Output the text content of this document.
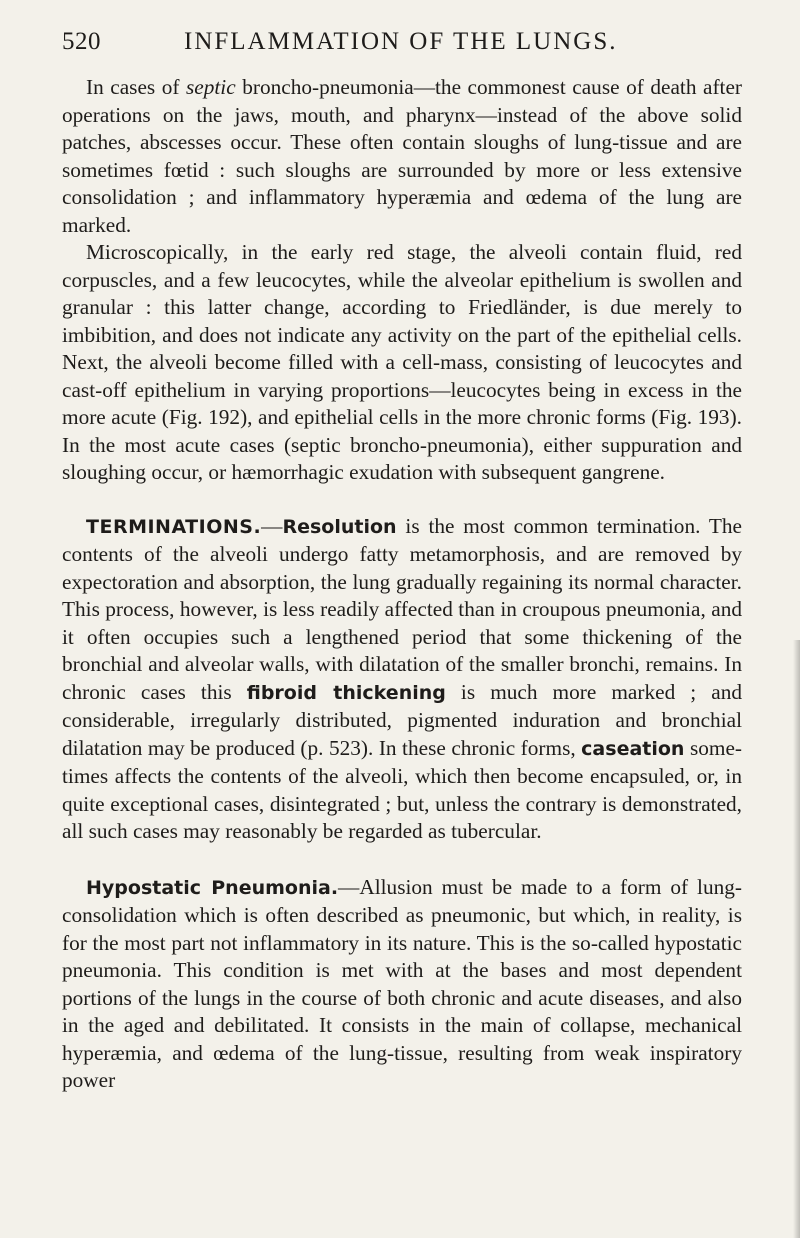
520	INFLAMMATION OF THE LUNGS.

In cases of septic broncho-pneumonia—the commonest cause of death after operations on the jaws, mouth, and pharynx—instead of the above solid patches, abscesses occur. These often contain sloughs of lung-tissue and are sometimes fœtid : such sloughs are surrounded by more or less extensive consolidation ; and inflammatory hyperæmia and œdema of the lung are marked.

Microscopically, in the early red stage, the alveoli contain fluid, red corpuscles, and a few leucocytes, while the alveolar epithelium is swollen and granular : this latter change, according to Friedländer, is due merely to imbibition, and does not indicate any activity on the part of the epithelial cells. Next, the alveoli become filled with a cell-mass, consisting of leucocytes and cast-off epithelium in varying proportions—leucocytes being in excess in the more acute (Fig. 192), and epithelial cells in the more chronic forms (Fig. 193). In the most acute cases (septic broncho-pneumonia), either suppuration and sloughing occur, or hæmorrhagic exudation with subsequent gangrene.

TERMINATIONS.—Resolution is the most common termination. The contents of the alveoli undergo fatty metamorphosis, and are removed by expectoration and absorption, the lung gradually regaining its normal character. This process, however, is less readily affected than in croupous pneumonia, and it often occupies such a lengthened period that some thickening of the bronchial and alveolar walls, with dilatation of the smaller bronchi, remains. In chronic cases this fibroid thickening is much more marked ; and considerable, irregularly distributed, pigmented induration and bronchial dilatation may be produced (p. 523). In these chronic forms, caseation sometimes affects the contents of the alveoli, which then become encapsuled, or, in quite exceptional cases, disintegrated ; but, unless the contrary is demonstrated, all such cases may reasonably be regarded as tubercular.

Hypostatic Pneumonia.—Allusion must be made to a form of lung-consolidation which is often described as pneumonic, but which, in reality, is for the most part not inflammatory in its nature. This is the so-called hypostatic pneumonia. This condition is met with at the bases and most dependent portions of the lungs in the course of both chronic and acute diseases, and also in the aged and debilitated. It consists in the main of collapse, mechanical hyperæmia, and œdema of the lung-tissue, resulting from weak inspiratory power
